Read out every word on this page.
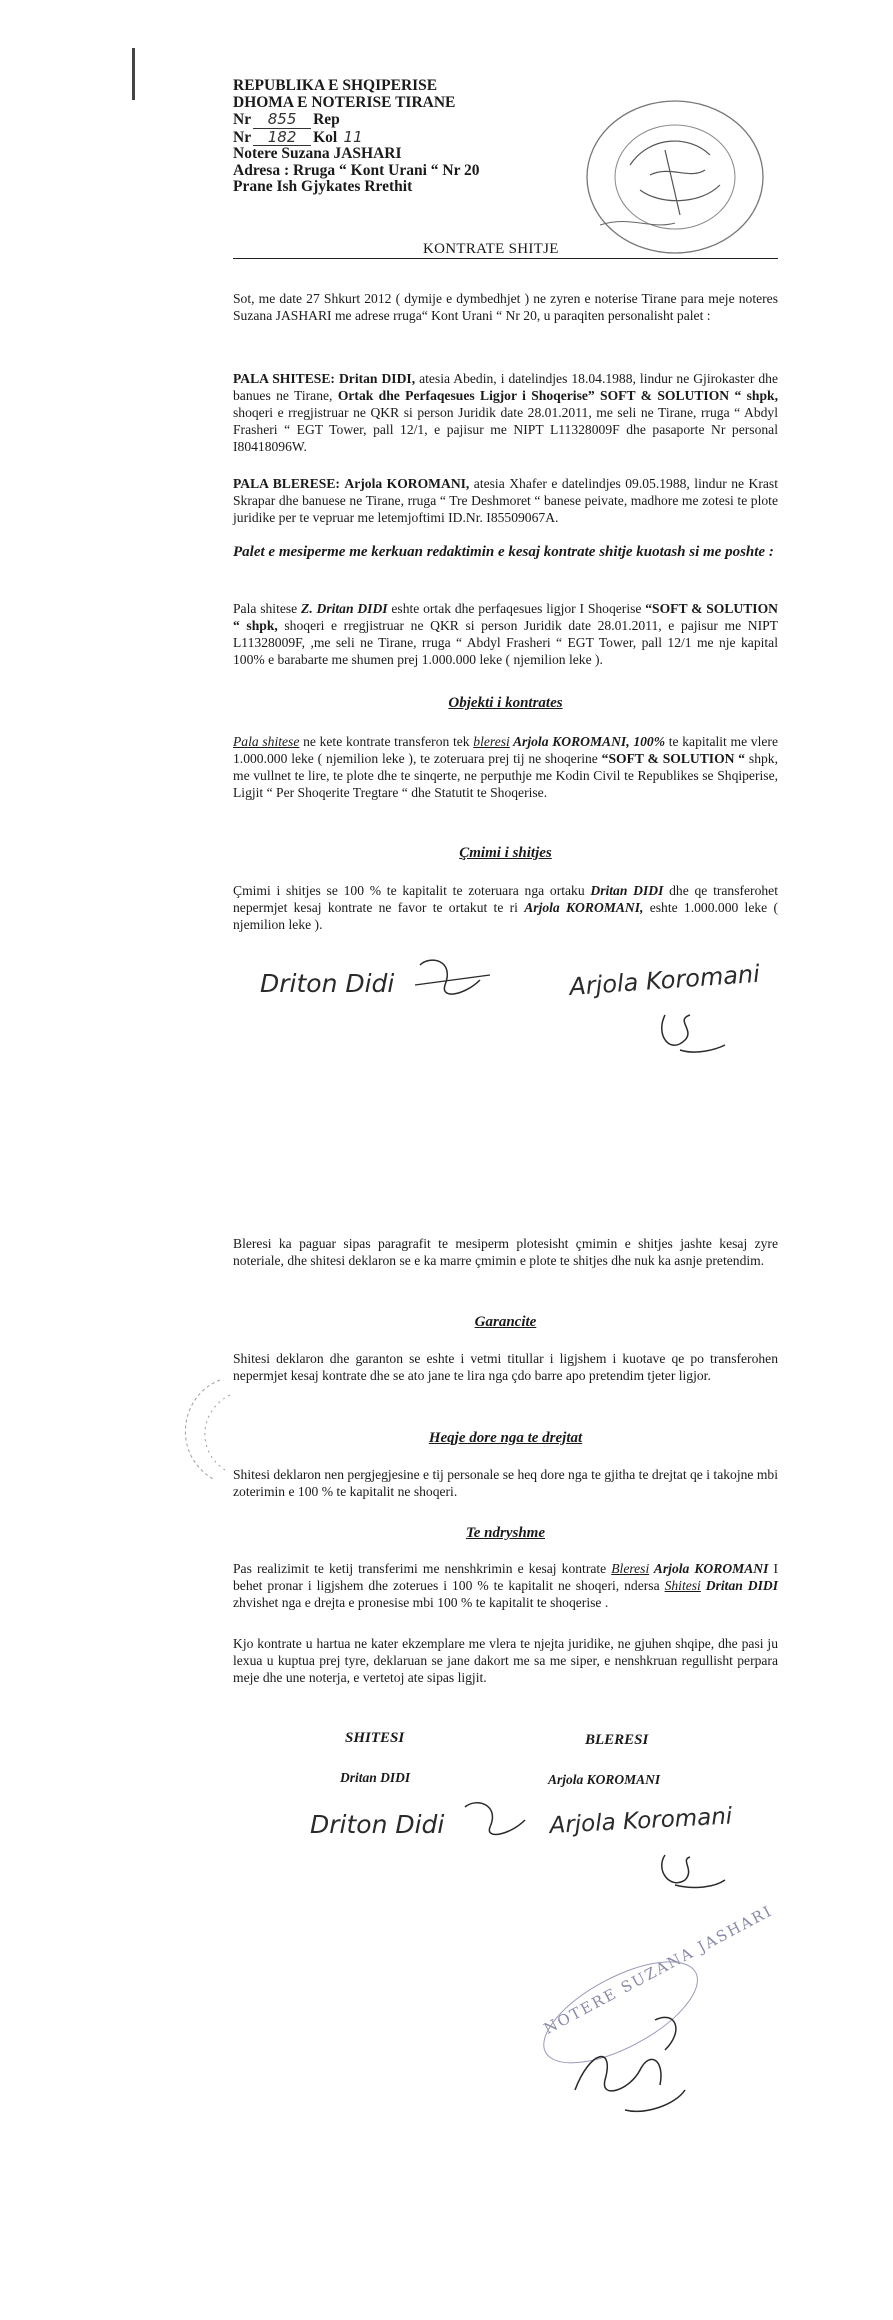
REPUBLIKA E SHQIPERISE
DHOMA E NOTERISE TIRANE
Nr 855 Rep
Nr 182 Kol 11
Notere Suzana JASHARI
Adresa : Rruga “ Kont Urani “ Nr 20
Prane Ish Gjykates Rrethit
KONTRATE SHITJE
Sot, me date 27 Shkurt 2012 ( dymije e dymbedhjet ) ne zyren e noterise Tirane para meje noteres Suzana JASHARI me adrese rruga“ Kont Urani “ Nr 20, u paraqiten personalisht palet :
PALA SHITESE: Dritan DIDI, atesia Abedin, i datelindjes 18.04.1988, lindur ne Gjirokaster dhe banues ne Tirane, Ortak dhe Perfaqesues Ligjor i Shoqerise” SOFT & SOLUTION “ shpk, shoqeri e rregjistruar ne QKR si person Juridik date 28.01.2011, me seli ne Tirane, rruga “ Abdyl Frasheri “ EGT Tower, pall 12/1, e pajisur me NIPT L11328009F dhe pasaporte Nr personal I80418096W.
PALA BLERESE: Arjola KOROMANI, atesia Xhafer e datelindjes 09.05.1988, lindur ne Krast Skrapar dhe banuese ne Tirane, rruga “ Tre Deshmoret “ banese peivate, madhore me zotesi te plote juridike per te vepruar me letemjoftimi ID.Nr. I85509067A.
Palet e mesiperme me kerkuan redaktimin e kesaj kontrate shitje kuotash si me poshte :
Pala shitese Z. Dritan DIDI eshte ortak dhe perfaqesues ligjor I Shoqerise “SOFT & SOLUTION “ shpk, shoqeri e rregjistruar ne QKR si person Juridik date 28.01.2011, e pajisur me NIPT L11328009F, ,me seli ne Tirane, rruga “ Abdyl Frasheri “ EGT Tower, pall 12/1 me nje kapital 100% e barabarte me shumen prej 1.000.000 leke ( njemilion leke ).
Objekti i kontrates
Pala shitese ne kete kontrate transferon tek bleresi Arjola KOROMANI, 100% te kapitalit me vlere 1.000.000 leke ( njemilion leke ), te zoteruara prej tij ne shoqerine “SOFT & SOLUTION “ shpk, me vullnet te lire, te plote dhe te sinqerte, ne perputhje me Kodin Civil te Republikes se Shqiperise, Ligjit “ Per Shoqerite Tregtare “ dhe Statutit te Shoqerise.
Çmimi i shitjes
Çmimi i shitjes se 100 % te kapitalit te zoteruara nga ortaku Dritan DIDI dhe qe transferohet nepermjet kesaj kontrate ne favor te ortakut te ri Arjola KOROMANI, eshte 1.000.000 leke ( njemilion leke ).
Driton Didi	Arjola Koromani
Bleresi ka paguar sipas paragrafit te mesiperm plotesisht çmimin e shitjes jashte kesaj zyre noteriale, dhe shitesi deklaron se e ka marre çmimin e plote te shitjes dhe nuk ka asnje pretendim.
Garancite
Shitesi deklaron dhe garanton se eshte i vetmi titullar i ligjshem i kuotave qe po transferohen nepermjet kesaj kontrate dhe se ato jane te lira nga çdo barre apo pretendim tjeter ligjor.
Heqje dore nga te drejtat
Shitesi deklaron nen pergjegjesine e tij personale se heq dore nga te gjitha te drejtat qe i takojne mbi zoterimin e 100 % te kapitalit ne shoqeri.
Te ndryshme
Pas realizimit te ketij transferimi me nenshkrimin e kesaj kontrate Bleresi Arjola KOROMANI I behet pronar i ligjshem dhe zoterues i 100 % te kapitalit ne shoqeri, ndersa Shitesi Dritan DIDI zhvishet nga e drejta e pronesise mbi 100 % te kapitalit te shoqerise .
Kjo kontrate u hartua ne kater ekzemplare me vlera te njejta juridike, ne gjuhen shqipe, dhe pasi ju lexua u kuptua prej tyre, deklaruan se jane dakort me sa me siper, e nenshkruan regullisht perpara meje dhe une noterja, e vertetoj ate sipas ligjit.
SHITESI	BLERESI
Dritan DIDI	Arjola KOROMANI
Driton Didi	Arjola Koromani
NOTERE SUZANA JASHARI
